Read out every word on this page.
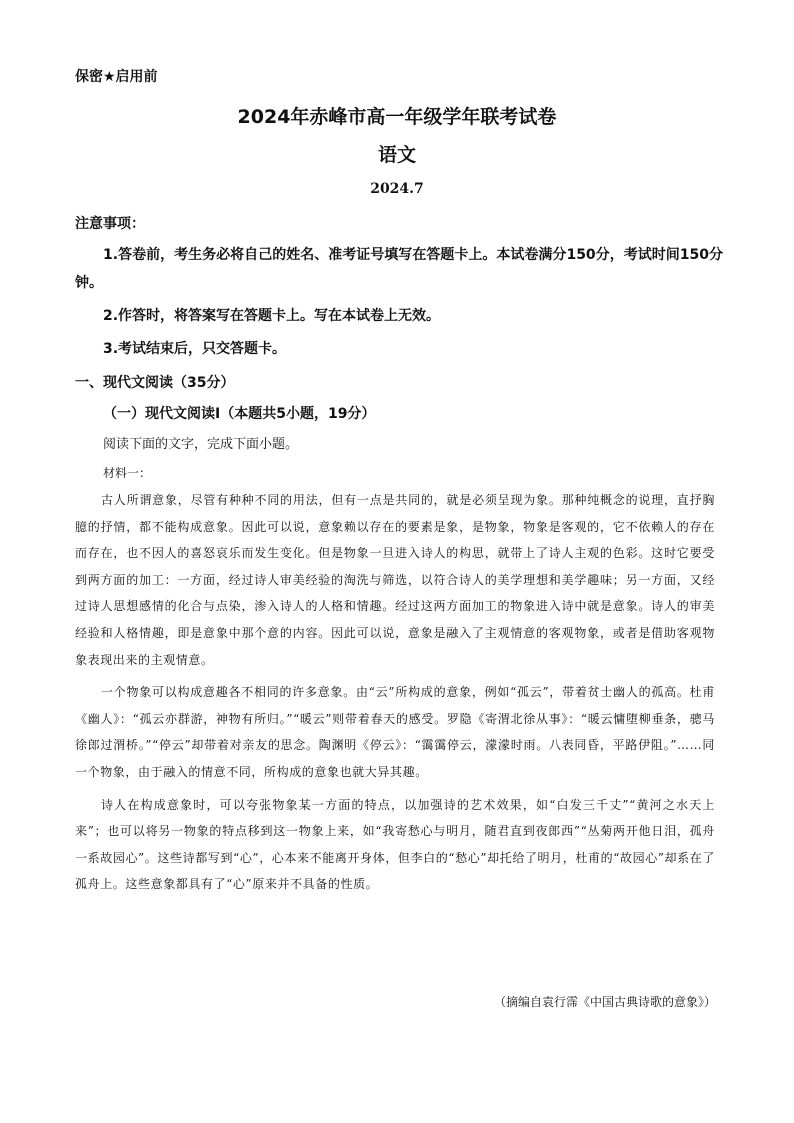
保密★启用前
2024年赤峰市高一年级学年联考试卷
语文
2024.7
注意事项：
1.答卷前，考生务必将自己的姓名、准考证号填写在答题卡上。本试卷满分150分，考试时间150分钟。
2.作答时，将答案写在答题卡上。写在本试卷上无效。
3.考试结束后，只交答题卡。
一、现代文阅读（35分）
（一）现代文阅读Ⅰ（本题共5小题，19分）
阅读下面的文字，完成下面小题。
材料一：

古人所谓意象，尽管有种种不同的用法，但有一点是共同的，就是必须呈现为象。那种纯概念的说理，直抒胸臆的抒情，都不能构成意象。因此可以说，意象赖以存在的要素是象，是物象，物象是客观的，它不依赖人的存在而存在，也不因人的喜怒哀乐而发生变化。但是物象一旦进入诗人的构思，就带上了诗人主观的色彩。这时它要受到两方面的加工：一方面，经过诗人审美经验的淘洗与筛选，以符合诗人的美学理想和美学趣味；另一方面，又经过诗人思想感情的化合与点染，渗入诗人的人格和情趣。经过这两方面加工的物象进入诗中就是意象。诗人的审美经验和人格情趣，即是意象中那个意的内容。因此可以说，意象是融入了主观情意的客观物象，或者是借助客观物象表现出来的主观情意。

一个物象可以构成意趣各不相同的许多意象。由“云”所构成的意象，例如“孤云”，带着贫士幽人的孤高。杜甫《幽人》：“孤云亦群游，神物有所归。”“暖云”则带着春天的感受。罗隐《寄渭北徐从事》：“暖云慵堕柳垂条，骢马徐郎过渭桥。”“停云”却带着对亲友的思念。陶渊明《停云》：“霭霭停云，濛濛时雨。八表同昏，平路伊阻。”……同一个物象，由于融入的情意不同，所构成的意象也就大异其趣。

诗人在构成意象时，可以夸张物象某一方面的特点，以加强诗的艺术效果，如“白发三千丈”“黄河之水天上来”；也可以将另一物象的特点移到这一物象上来，如“我寄愁心与明月，随君直到夜郎西”“丛菊两开他日泪，孤舟一系故园心”。这些诗都写到“心”，心本来不能离开身体，但李白的“愁心”却托给了明月，杜甫的“故园心”却系在了孤舟上。这些意象都具有了“心”原来并不具备的性质。

（摘编自袁行霈《中国古典诗歌的意象》）
